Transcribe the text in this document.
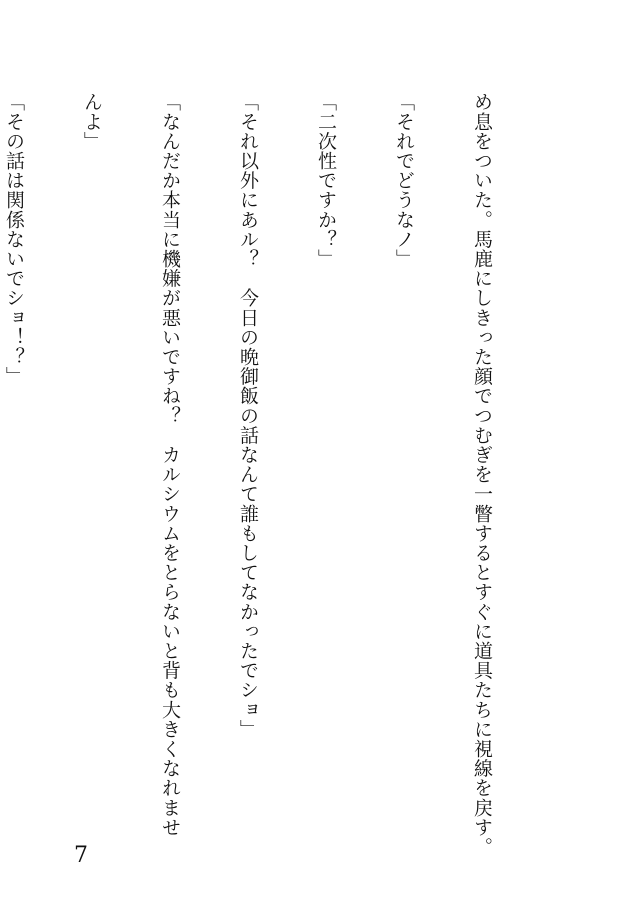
め息をついた。馬鹿にしきった顔でつむぎを一瞥するとすぐに道具たちに視線を戻す。

「それでどうなノ」

「二次性ですか？」

「それ以外にあル？　今日の晩御飯の話なんて誰もしてなかったでショ」

「なんだか本当に機嫌が悪いですね？　カルシウムをとらないと背も大きくなれませ

んよ」

「その話は関係ないでショ！？」

7
